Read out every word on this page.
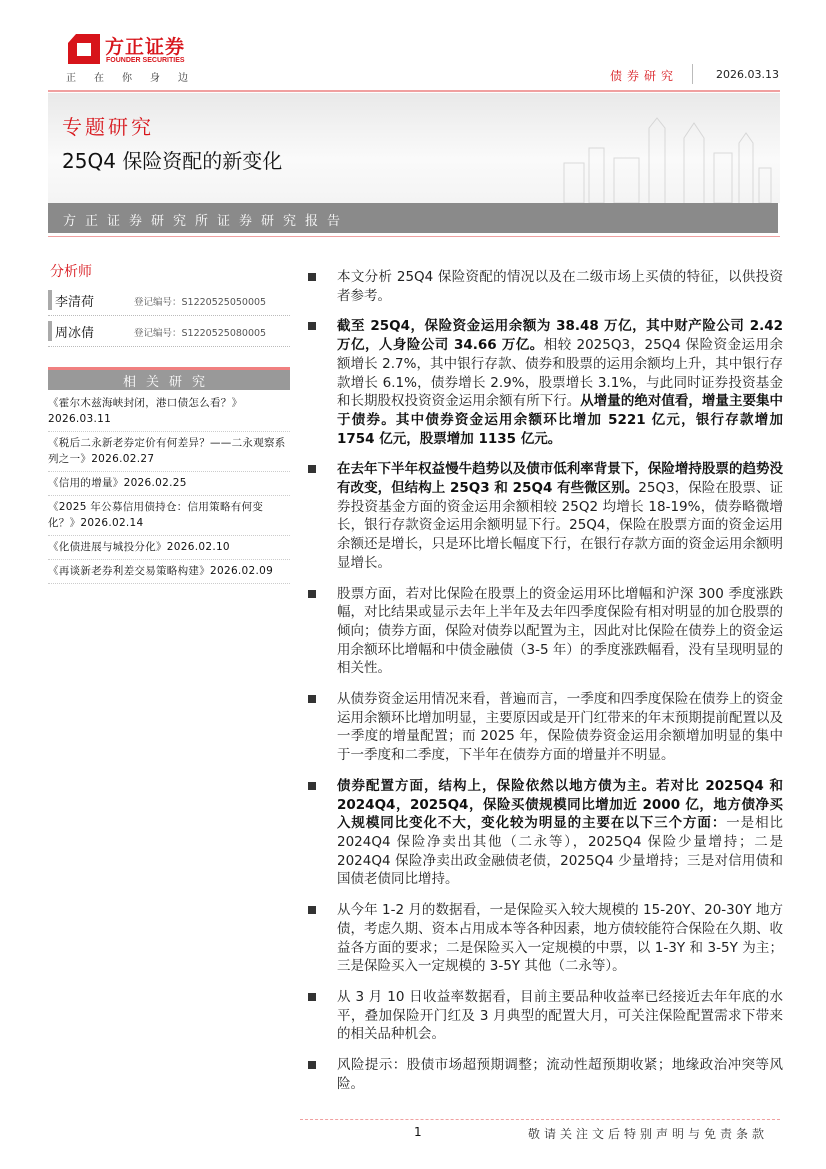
方正证券
FOUNDER SECURITIES
正在你身边	债券研究	2026.03.13
专题研究
25Q4 保险资配的新变化
方正证券研究所证券研究报告
分析师
李清荷	登记编号：S1220525050005
周冰倩	登记编号：S1220525080005
相关研究
《霍尔木兹海峡封闭，港口债怎么看？》2026.03.11
《税后二永新老券定价有何差异？——二永观察系列之一》2026.02.27
《信用的增量》2026.02.25
《2025 年公募信用债持仓：信用策略有何变化？》2026.02.14
《化债进展与城投分化》2026.02.10
《再谈新老券利差交易策略构建》2026.02.09
本文分析 25Q4 保险资配的情况以及在二级市场上买债的特征，以供投资者参考。
截至 25Q4，保险资金运用余额为 38.48 万亿，其中财产险公司 2.42 万亿，人身险公司 34.66 万亿。相较 2025Q3，25Q4 保险资金运用余额增长 2.7%，其中银行存款、债券和股票的运用余额均上升，其中银行存款增长 6.1%，债券增长 2.9%，股票增长 3.1%，与此同时证券投资基金和长期股权投资资金运用余额有所下行。从增量的绝对值看，增量主要集中于债券。其中债券资金运用余额环比增加 5221 亿元，银行存款增加 1754 亿元，股票增加 1135 亿元。
在去年下半年权益慢牛趋势以及债市低利率背景下，保险增持股票的趋势没有改变，但结构上 25Q3 和 25Q4 有些微区别。25Q3，保险在股票、证券投资基金方面的资金运用余额相较 25Q2 均增长 18-19%，债券略微增长，银行存款资金运用余额明显下行。25Q4，保险在股票方面的资金运用余额还是增长，只是环比增长幅度下行，在银行存款方面的资金运用余额明显增长。
股票方面，若对比保险在股票上的资金运用环比增幅和沪深 300 季度涨跌幅，对比结果或显示去年上半年及去年四季度保险有相对明显的加仓股票的倾向；债券方面，保险对债券以配置为主，因此对比保险在债券上的资金运用余额环比增幅和中债金融债（3-5 年）的季度涨跌幅看，没有呈现明显的相关性。
从债券资金运用情况来看，普遍而言，一季度和四季度保险在债券上的资金运用余额环比增加明显，主要原因或是开门红带来的年末预期提前配置以及一季度的增量配置；而 2025 年，保险债券资金运用余额增加明显的集中于一季度和二季度，下半年在债券方面的增量并不明显。
债券配置方面，结构上，保险依然以地方债为主。若对比 2025Q4 和 2024Q4，2025Q4，保险买债规模同比增加近 2000 亿，地方债净买入规模同比变化不大，变化较为明显的主要在以下三个方面：一是相比 2024Q4 保险净卖出其他（二永等），2025Q4 保险少量增持；二是 2024Q4 保险净卖出政金融债老债，2025Q4 少量增持；三是对信用债和国债老债同比增持。
从今年 1-2 月的数据看，一是保险买入较大规模的 15-20Y、20-30Y 地方债，考虑久期、资本占用成本等各种因素，地方债较能符合保险在久期、收益各方面的要求；二是保险买入一定规模的中票，以 1-3Y 和 3-5Y 为主；三是保险买入一定规模的 3-5Y 其他（二永等）。
从 3 月 10 日收益率数据看，目前主要品种收益率已经接近去年年底的水平，叠加保险开门红及 3 月典型的配置大月，可关注保险配置需求下带来的相关品种机会。
风险提示：股债市场超预期调整；流动性超预期收紧；地缘政治冲突等风险。
1	敬请关注文后特别声明与免责条款
